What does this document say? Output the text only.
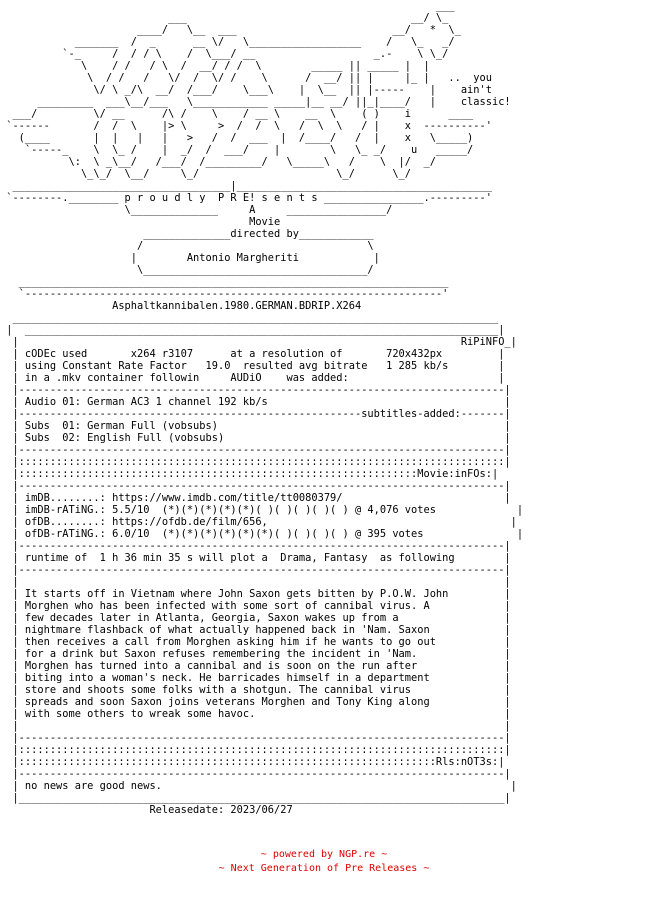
___
___                                    __/ \_
____/   \__  ___                         __/   *  \_
_______  /  _      __ \/   \__________________    /   \_   _/
`-_     /  / / \    /  \___/ __                   _.-    \ \_/
\    / /   / \  /  __/ / /  \        _____ || _____ |  |
\  / /   /   \/  /  \/ /    \      /  __/ || |     |_ |   ..  you
\/ \ _/\  __/  /___/    \___\    |  \__  || |-----    |    ain't
_________  ___\__/___   \____________ _____|__ __/ ||_|____/   |    classic!
___/         \/ __      /\ /    \    / __ \    __  \    ( )    i      ____
`------       /  /  \    |> \     >  /  /  \   /  \  \   / |    x  ----------'
(____       |  |   |   |   >   /  /  ___  |  /____/   /  |    x   \_____)
`-----_    \  \_ /    |  _/  /  ___/    |        \   \_ _/    u   _____/
\:  \ _\__/   /___/  /_________/   \_____\   /    \  |/  _/
\_\_/  \__/     \_/                      \_/      \_/
___________________________________|_________________________________________
`--------.________ p r o u d l y  P R E! s e n t s ________________.---------'
\______________     A     ________________/
Movie
______________directed by____________
/                                    \
|        Antonio Margheriti            |
\____________________________________/
_____________________________________________________________________
`-------------------------------------------------------------------'
Asphaltkannibalen.1980.GERMAN.BDRIP.X264
______________________________________________________________________________
|  ____________________________________________________________________________|
|                                                                       RiPiNFO_|
| cODEc used       x264 r3107      at a resolution of       720x432px         |
| using Constant Rate Factor   19.0  resulted avg bitrate   1 285 kb/s        |
| in a .mkv container followin     AUDiO    was added:                        |
|------------------------------------------------------------------------------|
| Audio 01: German AC3 1 channel 192 kb/s                                      |
|-------------------------------------------------------subtitles-added:-------|
| Subs  01: German Full (vobsubs)                                              |
| Subs  02: English Full (vobsubs)                                             |
|------------------------------------------------------------------------------|
|::::::::::::::::::::::::::::::::::::::::::::::::::::::::::::::::::::::::::::::|
|::::::::::::::::::::::::::::::::::::::::::::::::::::::::::::::::Movie:inFOs:|
|------------------------------------------------------------------------------|
| imDB........: https://www.imdb.com/title/tt0080379/                          |
| imDB-rATiNG.: 5.5/10  (*)(*)(*)(*)(*)( )( )( )( )( ) @ 4,076 votes             |
| ofDB........: https://ofdb.de/film/656,                                       |
| ofDB-rATiNG.: 6.0/10  (*)(*)(*)(*)(*)(*)( )( )( )( ) @ 395 votes               |
|------------------------------------------------------------------------------|
| runtime of  1 h 36 min 35 s will plot a  Drama, Fantasy  as following        |
|------------------------------------------------------------------------------|
|                                                                              |
| It starts off in Vietnam where John Saxon gets bitten by P.O.W. John         |
| Morghen who has been infected with some sort of cannibal virus. A            |
| few decades later in Atlanta, Georgia, Saxon wakes up from a                 |
| nightmare flashback of what actually happened back in 'Nam. Saxon            |
| then receives a call from Morghen asking him if he wants to go out           |
| for a drink but Saxon refuses remembering the incident in 'Nam.              |
| Morghen has turned into a cannibal and is soon on the run after              |
| biting into a woman's neck. He barricades himself in a department            |
| store and shoots some folks with a shotgun. The cannibal virus               |
| spreads and soon Saxon joins veterans Morghen and Tony King along            |
| with some others to wreak some havoc.                                        |
|                                                                              |
|------------------------------------------------------------------------------|
|::::::::::::::::::::::::::::::::::::::::::::::::::::::::::::::::::::::::::::::|
|:::::::::::::::::::::::::::::::::::::::::::::::::::::::::::::::::::Rls:nOT3s:|
|------------------------------------------------------------------------------|
| no news are good news.                                                        |
|______________________________________________________________________________|
Releasedate: 2023/06/27

~ powered by NGP.re ~
~ Next Generation of Pre Releases ~
